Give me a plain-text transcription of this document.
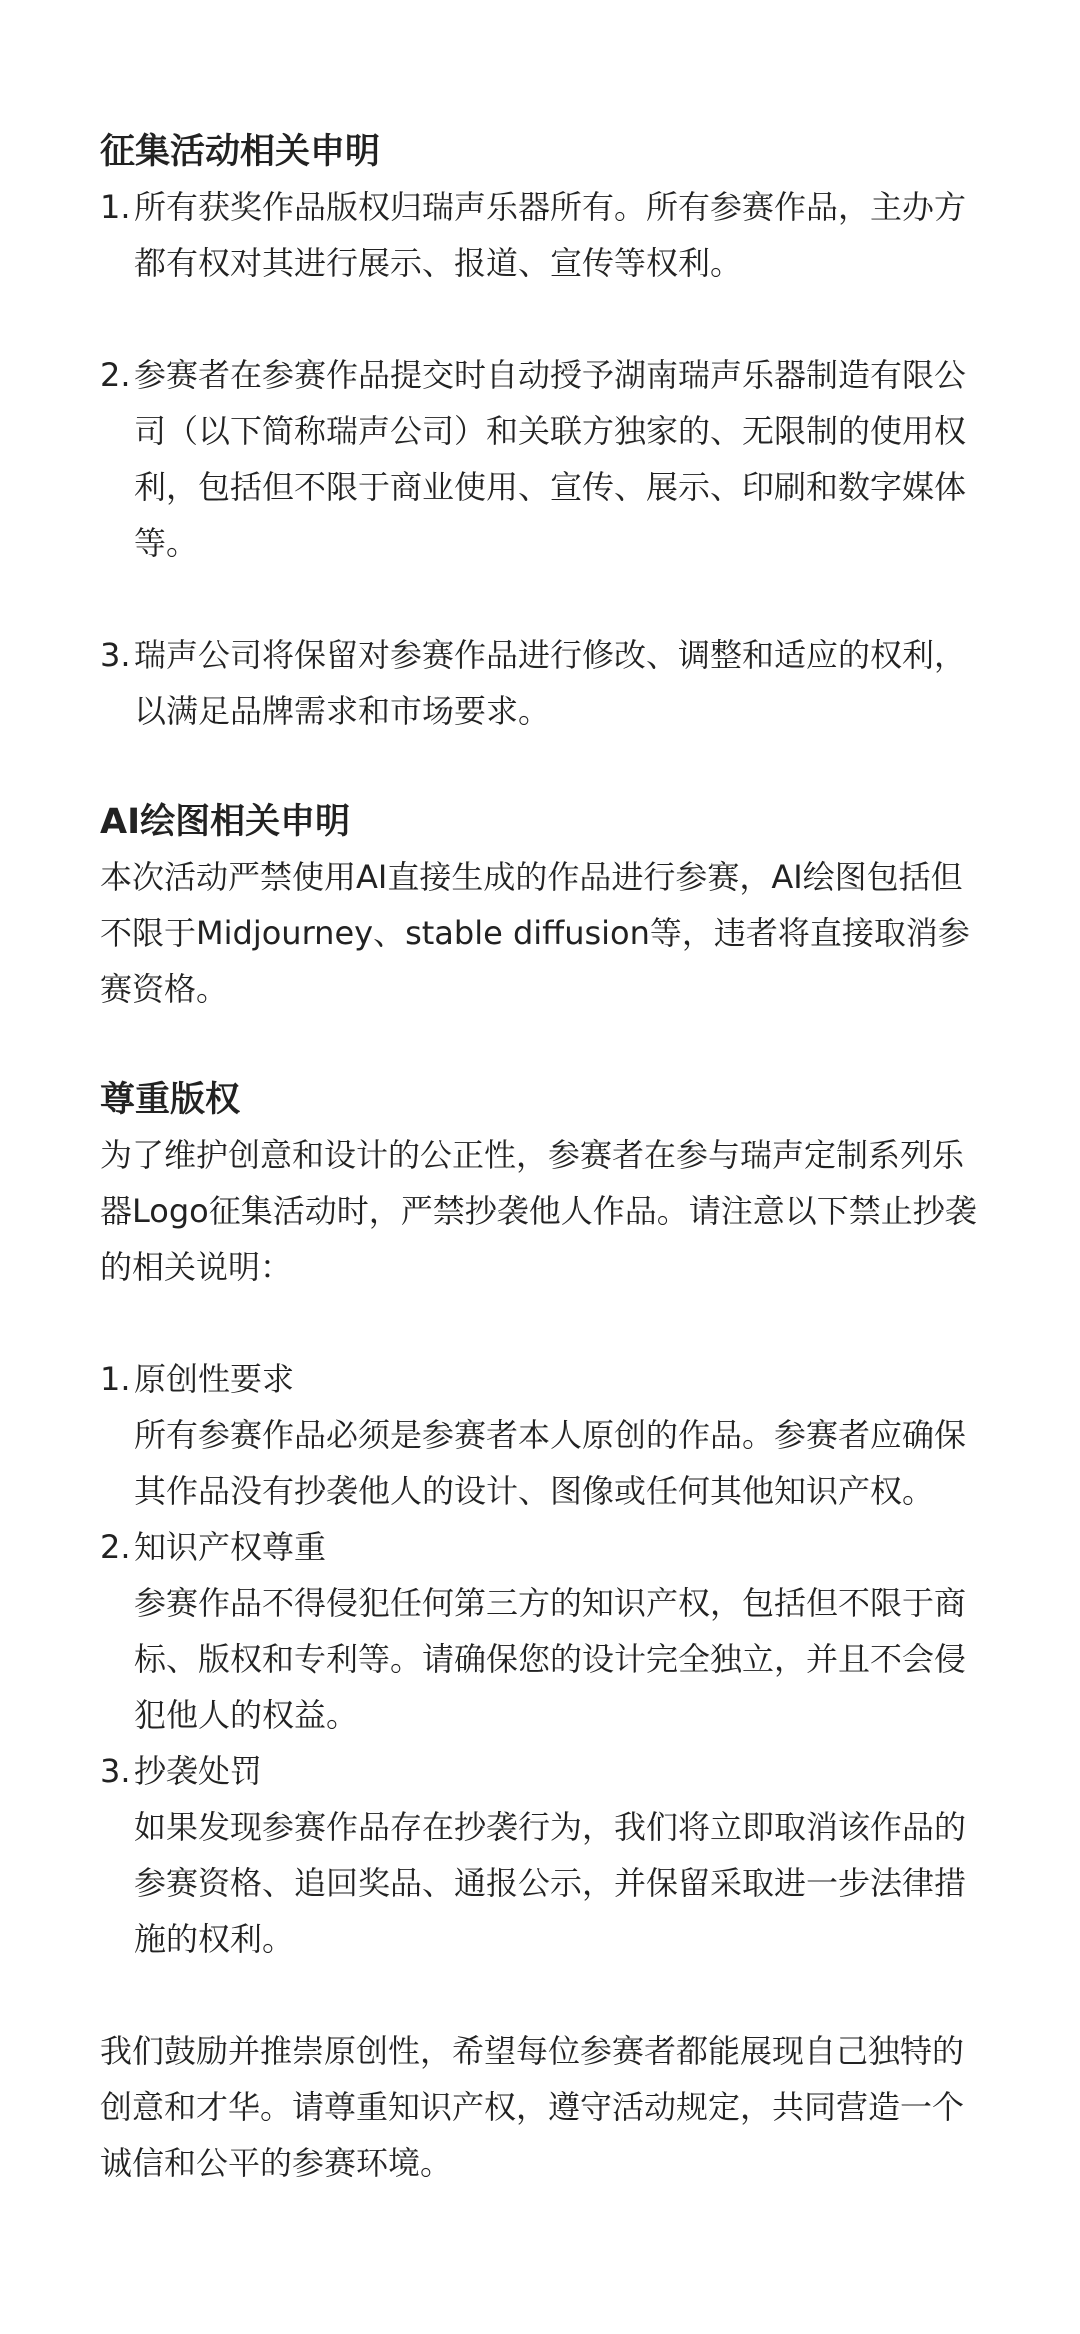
征集活动相关申明
1. 所有获奖作品版权归瑞声乐器所有。所有参赛作品，主办方都有权对其进行展示、报道、宣传等权利。
2. 参赛者在参赛作品提交时自动授予湖南瑞声乐器制造有限公司（以下简称瑞声公司）和关联方独家的、无限制的使用权利，包括但不限于商业使用、宣传、展示、印刷和数字媒体等。
3. 瑞声公司将保留对参赛作品进行修改、调整和适应的权利，以满足品牌需求和市场要求。
AI绘图相关申明

本次活动严禁使用AI直接生成的作品进行参赛，AI绘图包括但不限于Midjourney、stable diffusion等，违者将直接取消参赛资格。

尊重版权

为了维护创意和设计的公正性，参赛者在参与瑞声定制系列乐器Logo征集活动时，严禁抄袭他人作品。请注意以下禁止抄袭的相关说明：

1. 原创性要求
所有参赛作品必须是参赛者本人原创的作品。参赛者应确保其作品没有抄袭他人的设计、图像或任何其他知识产权。
2. 知识产权尊重
参赛作品不得侵犯任何第三方的知识产权，包括但不限于商标、版权和专利等。请确保您的设计完全独立，并且不会侵犯他人的权益。
3. 抄袭处罚
如果发现参赛作品存在抄袭行为，我们将立即取消该作品的参赛资格、追回奖品、通报公示，并保留采取进一步法律措施的权利。

我们鼓励并推崇原创性，希望每位参赛者都能展现自己独特的创意和才华。请尊重知识产权，遵守活动规定，共同营造一个诚信和公平的参赛环境。
